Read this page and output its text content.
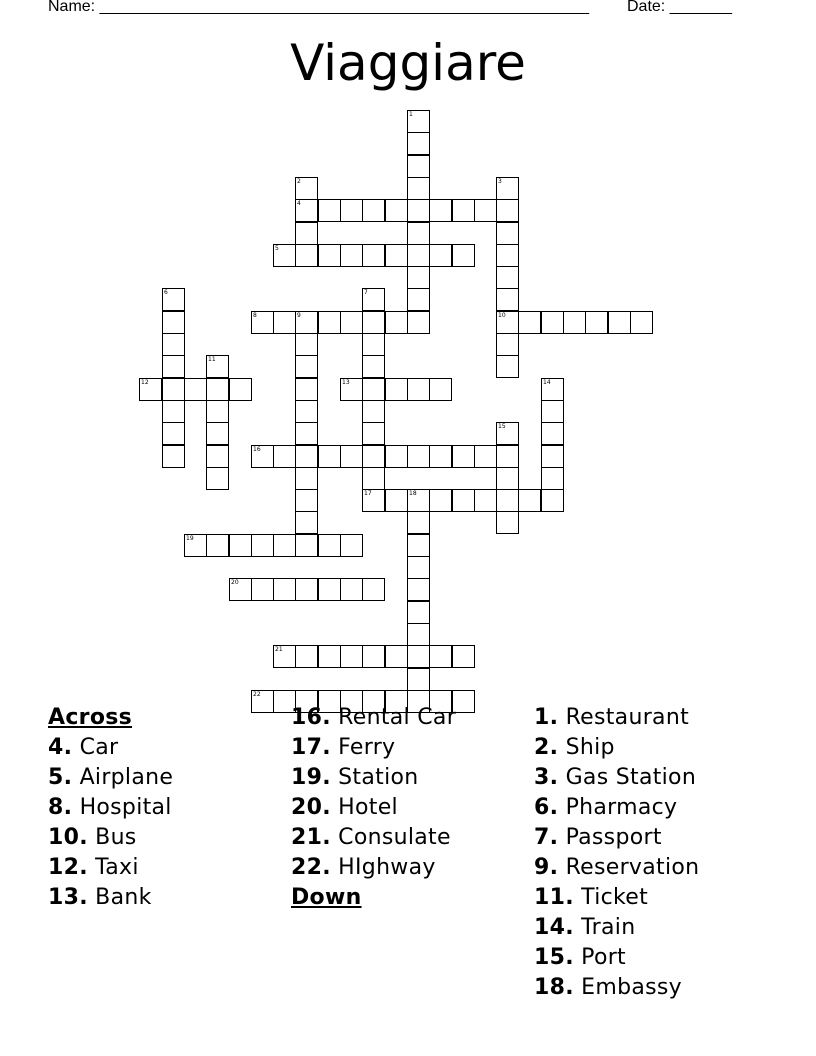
Name: _______________________________________________________ Date: _______
Viaggiare
1
2
4
3
10
5
6	7
17
8	9
11
12	13	14
15
16
18
19
20
21
22
Across
4. Car
5. Airplane
8. Hospital
10. Bus
12. Taxi
13. Bank
16. Rental Car
17. Ferry
19. Station
20. Hotel
21. Consulate
22. HIghway
Down
1. Restaurant
2. Ship
3. Gas Station
6. Pharmacy
7. Passport
9. Reservation
11. Ticket
14. Train
15. Port
18. Embassy
